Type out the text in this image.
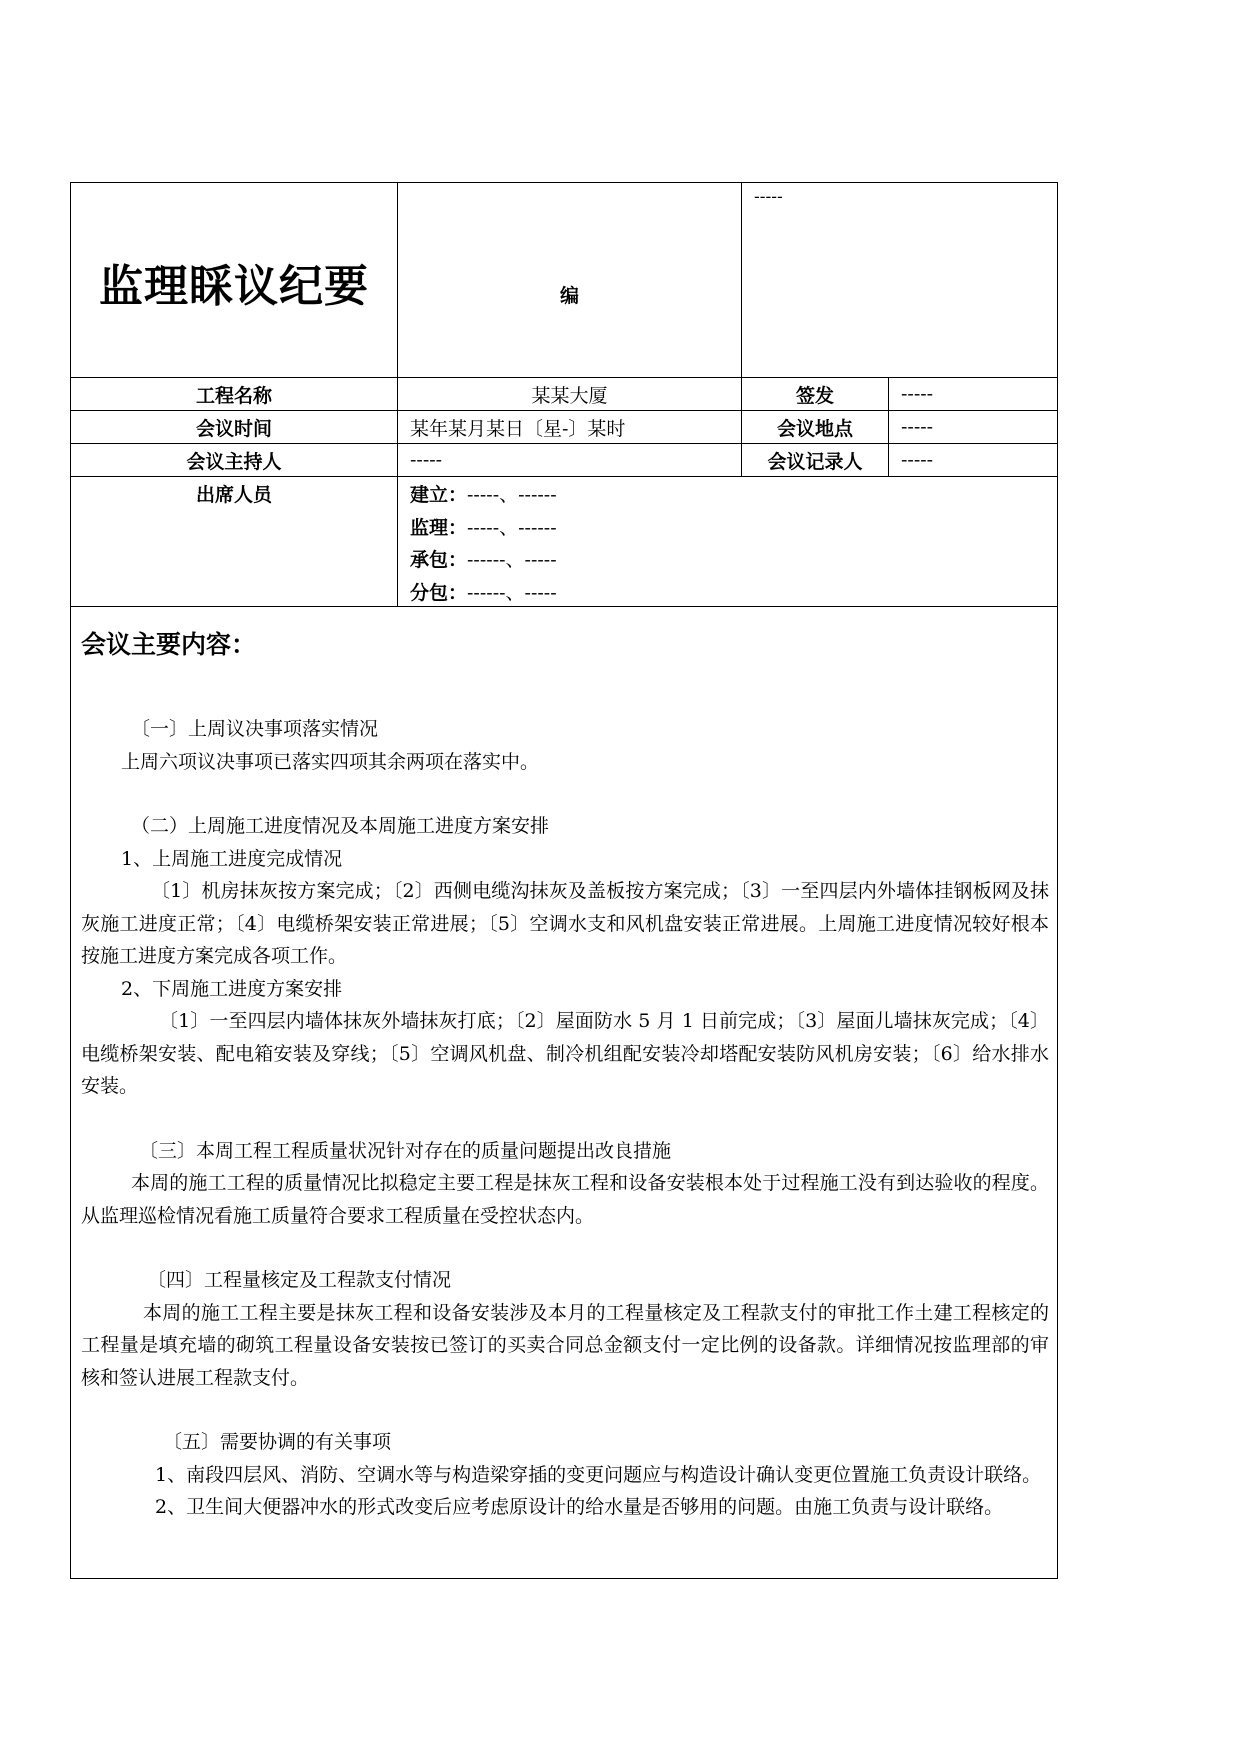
监理睬议纪要	编
-----
工程名称	某某大厦	签发	-----
会议时间	某年某月某日〔星-〕某时	会议地点	-----
会议主持人	-----	会议记录人	-----
出席人员	建立：-----、------
监理：-----、------
承包：------、-----
分包：------、-----
会议主要内容：
〔一〕上周议决事项落实情况
上周六项议决事项已落实四项其余两项在落实中。
（二）上周施工进度情况及本周施工进度方案安排
1、上周施工进度完成情况
〔1〕机房抹灰按方案完成；〔2〕西侧电缆沟抹灰及盖板按方案完成；〔3〕一至四层内外墙体挂钢板网及抹灰施工进度正常；〔4〕电缆桥架安装正常进展；〔5〕空调水支和风机盘安装正常进展。上周施工进度情况较好根本按施工进度方案完成各项工作。
2、下周施工进度方案安排
〔1〕一至四层内墙体抹灰外墙抹灰打底；〔2〕屋面防水 5 月 1 日前完成；〔3〕屋面儿墙抹灰完成；〔4〕电缆桥架安装、配电箱安装及穿线；〔5〕空调风机盘、制冷机组配安装冷却塔配安装防风机房安装；〔6〕给水排水安装。
〔三〕本周工程工程质量状况针对存在的质量问题提出改良措施
本周的施工工程的质量情况比拟稳定主要工程是抹灰工程和设备安装根本处于过程施工没有到达验收的程度。从监理巡检情况看施工质量符合要求工程质量在受控状态内。
〔四〕工程量核定及工程款支付情况
本周的施工工程主要是抹灰工程和设备安装涉及本月的工程量核定及工程款支付的审批工作土建工程核定的工程量是填充墙的砌筑工程量设备安装按已签订的买卖合同总金额支付一定比例的设备款。详细情况按监理部的审核和签认进展工程款支付。
〔五〕需要协调的有关事项
1、南段四层风、消防、空调水等与构造梁穿插的变更问题应与构造设计确认变更位置施工负责设计联络。
2、卫生间大便器冲水的形式改变后应考虑原设计的给水量是否够用的问题。由施工负责与设计联络。
